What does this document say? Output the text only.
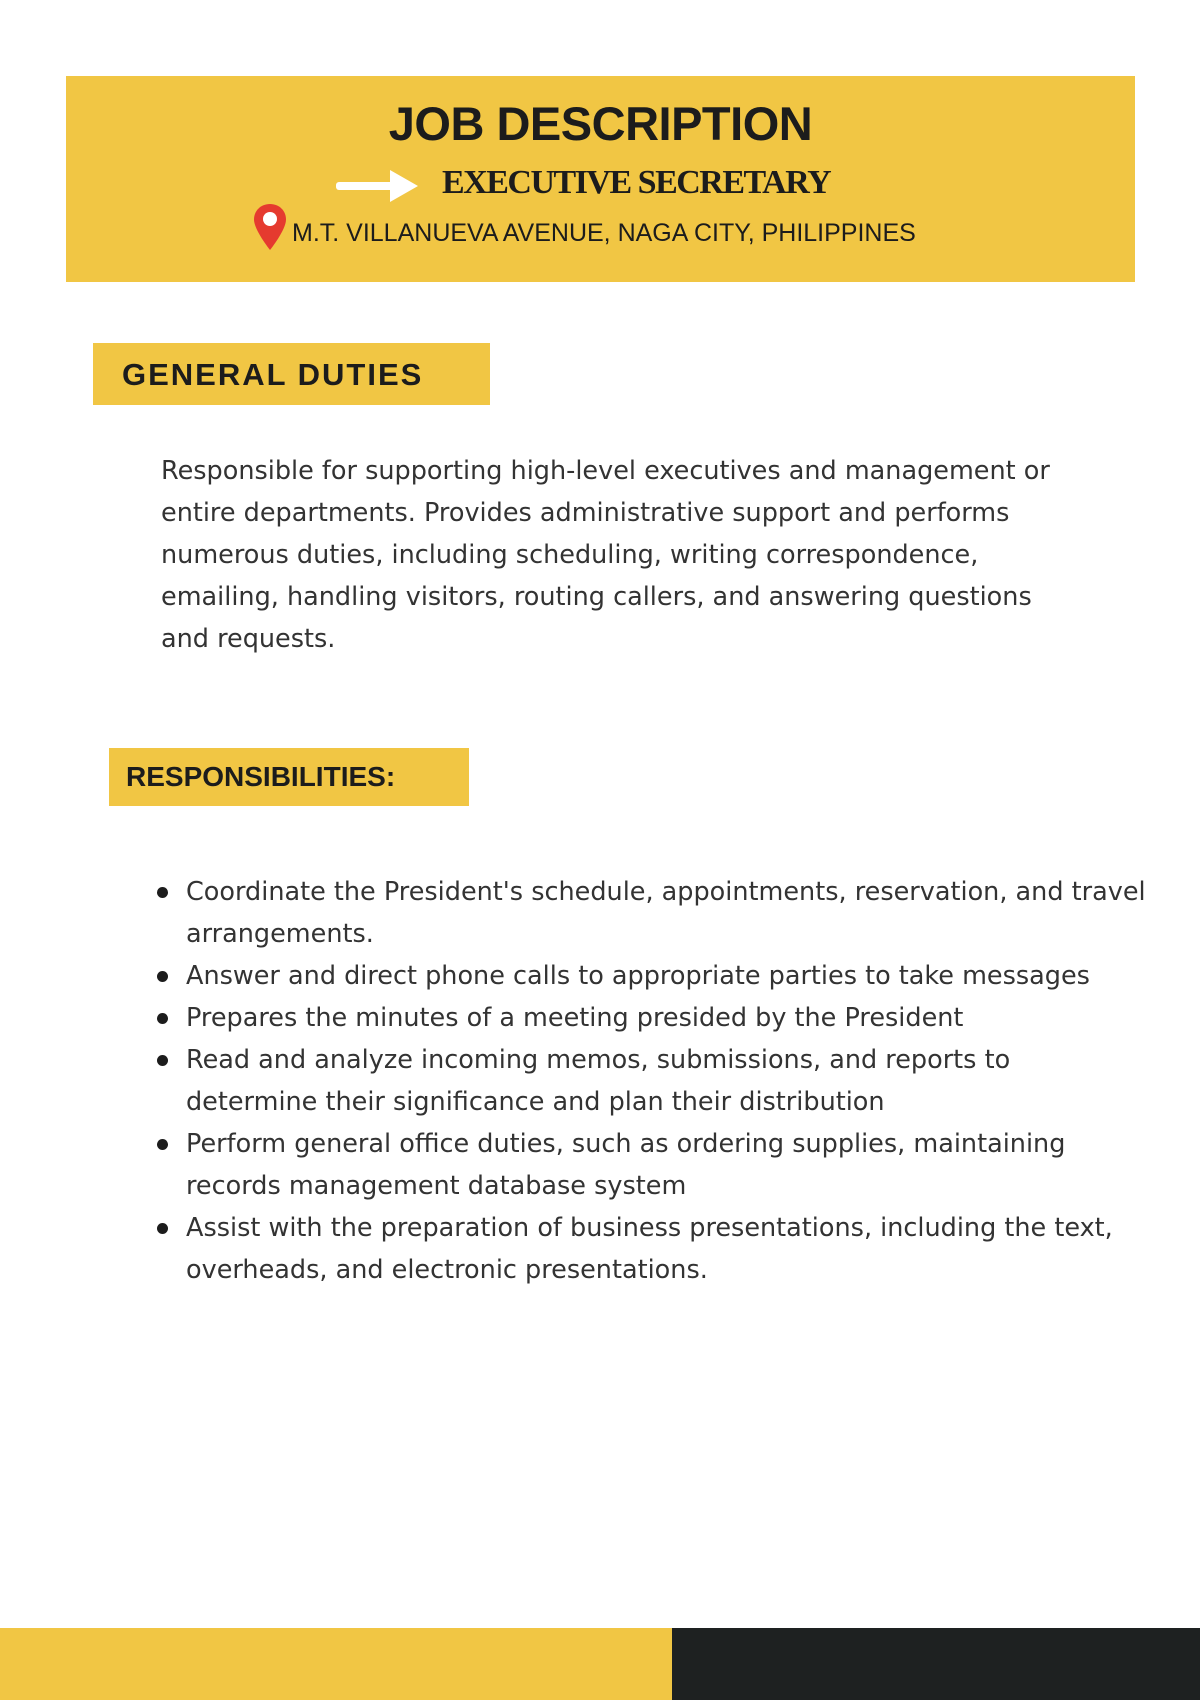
JOB DESCRIPTION
EXECUTIVE SECRETARY
M.T. VILLANUEVA AVENUE, NAGA CITY, PHILIPPINES
GENERAL DUTIES

Responsible for supporting high-level executives and management or entire departments. Provides administrative support and performs numerous duties, including scheduling, writing correspondence, emailing, handling visitors, routing callers, and answering questions and requests.

RESPONSIBILITIES:
Coordinate the President's schedule, appointments, reservation, and travel arrangements.
Answer and direct phone calls to appropriate parties to take messages
Prepares the minutes of a meeting presided by the President
Read and analyze incoming memos, submissions, and reports to determine their significance and plan their distribution
Perform general office duties, such as ordering supplies, maintaining records management database system
Assist with the preparation of business presentations, including the text, overheads, and electronic presentations.
